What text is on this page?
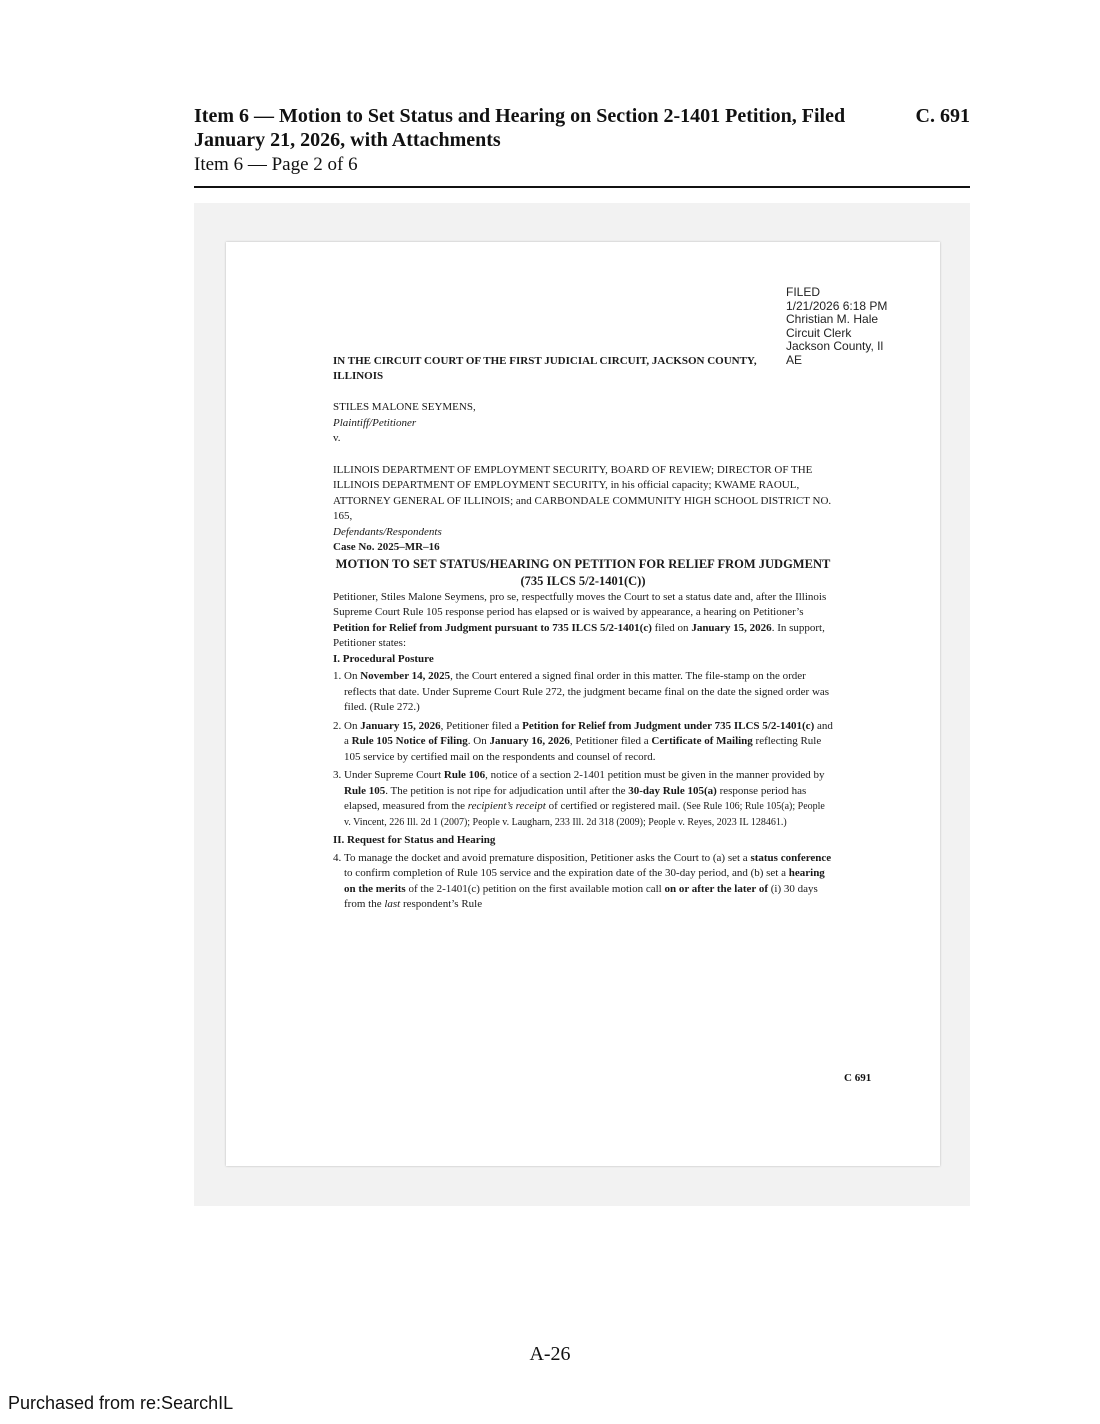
Item 6 — Motion to Set Status and Hearing on Section 2-1401 Petition, Filed January 21, 2026, with Attachments
C. 691
Item 6 — Page 2 of 6
FILED
1/21/2026 6:18 PM
Christian M. Hale
Circuit Clerk
Jackson County, Il
AE

IN THE CIRCUIT COURT OF THE FIRST JUDICIAL CIRCUIT, JACKSON COUNTY, ILLINOIS

STILES MALONE SEYMENS,

Plaintiff/Petitioner

v.

ILLINOIS DEPARTMENT OF EMPLOYMENT SECURITY, BOARD OF REVIEW; DIRECTOR OF THE ILLINOIS DEPARTMENT OF EMPLOYMENT SECURITY, in his official capacity; KWAME RAOUL, ATTORNEY GENERAL OF ILLINOIS; and CARBONDALE COMMUNITY HIGH SCHOOL DISTRICT NO. 165,

Defendants/Respondents

Case No. 2025–MR–16

MOTION TO SET STATUS/HEARING ON PETITION FOR RELIEF FROM JUDGMENT (735 ILCS 5/2-1401(C))

Petitioner, Stiles Malone Seymens, pro se, respectfully moves the Court to set a status date and, after the Illinois Supreme Court Rule 105 response period has elapsed or is waived by appearance, a hearing on Petitioner’s Petition for Relief from Judgment pursuant to 735 ILCS 5/2-1401(c) filed on January 15, 2026. In support, Petitioner states:

I. Procedural Posture

1. On November 14, 2025, the Court entered a signed final order in this matter. The file-stamp on the order reflects that date. Under Supreme Court Rule 272, the judgment became final on the date the signed order was filed. (Rule 272.)
2. On January 15, 2026, Petitioner filed a Petition for Relief from Judgment under 735 ILCS 5/2-1401(c) and a Rule 105 Notice of Filing. On January 16, 2026, Petitioner filed a Certificate of Mailing reflecting Rule 105 service by certified mail on the respondents and counsel of record.
3. Under Supreme Court Rule 106, notice of a section 2-1401 petition must be given in the manner provided by Rule 105. The petition is not ripe for adjudication until after the 30-day Rule 105(a) response period has elapsed, measured from the recipient’s receipt of certified or registered mail. (See Rule 106; Rule 105(a); People v. Vincent, 226 Ill. 2d 1 (2007); People v. Laugharn, 233 Ill. 2d 318 (2009); People v. Reyes, 2023 IL 128461.)

II. Request for Status and Hearing

4. To manage the docket and avoid premature disposition, Petitioner asks the Court to (a) set a status conference to confirm completion of Rule 105 service and the expiration date of the 30-day period, and (b) set a hearing on the merits of the 2-1401(c) petition on the first available motion call on or after the later of (i) 30 days from the last respondent’s Rule
C 691
A-26
Purchased from re:SearchIL
